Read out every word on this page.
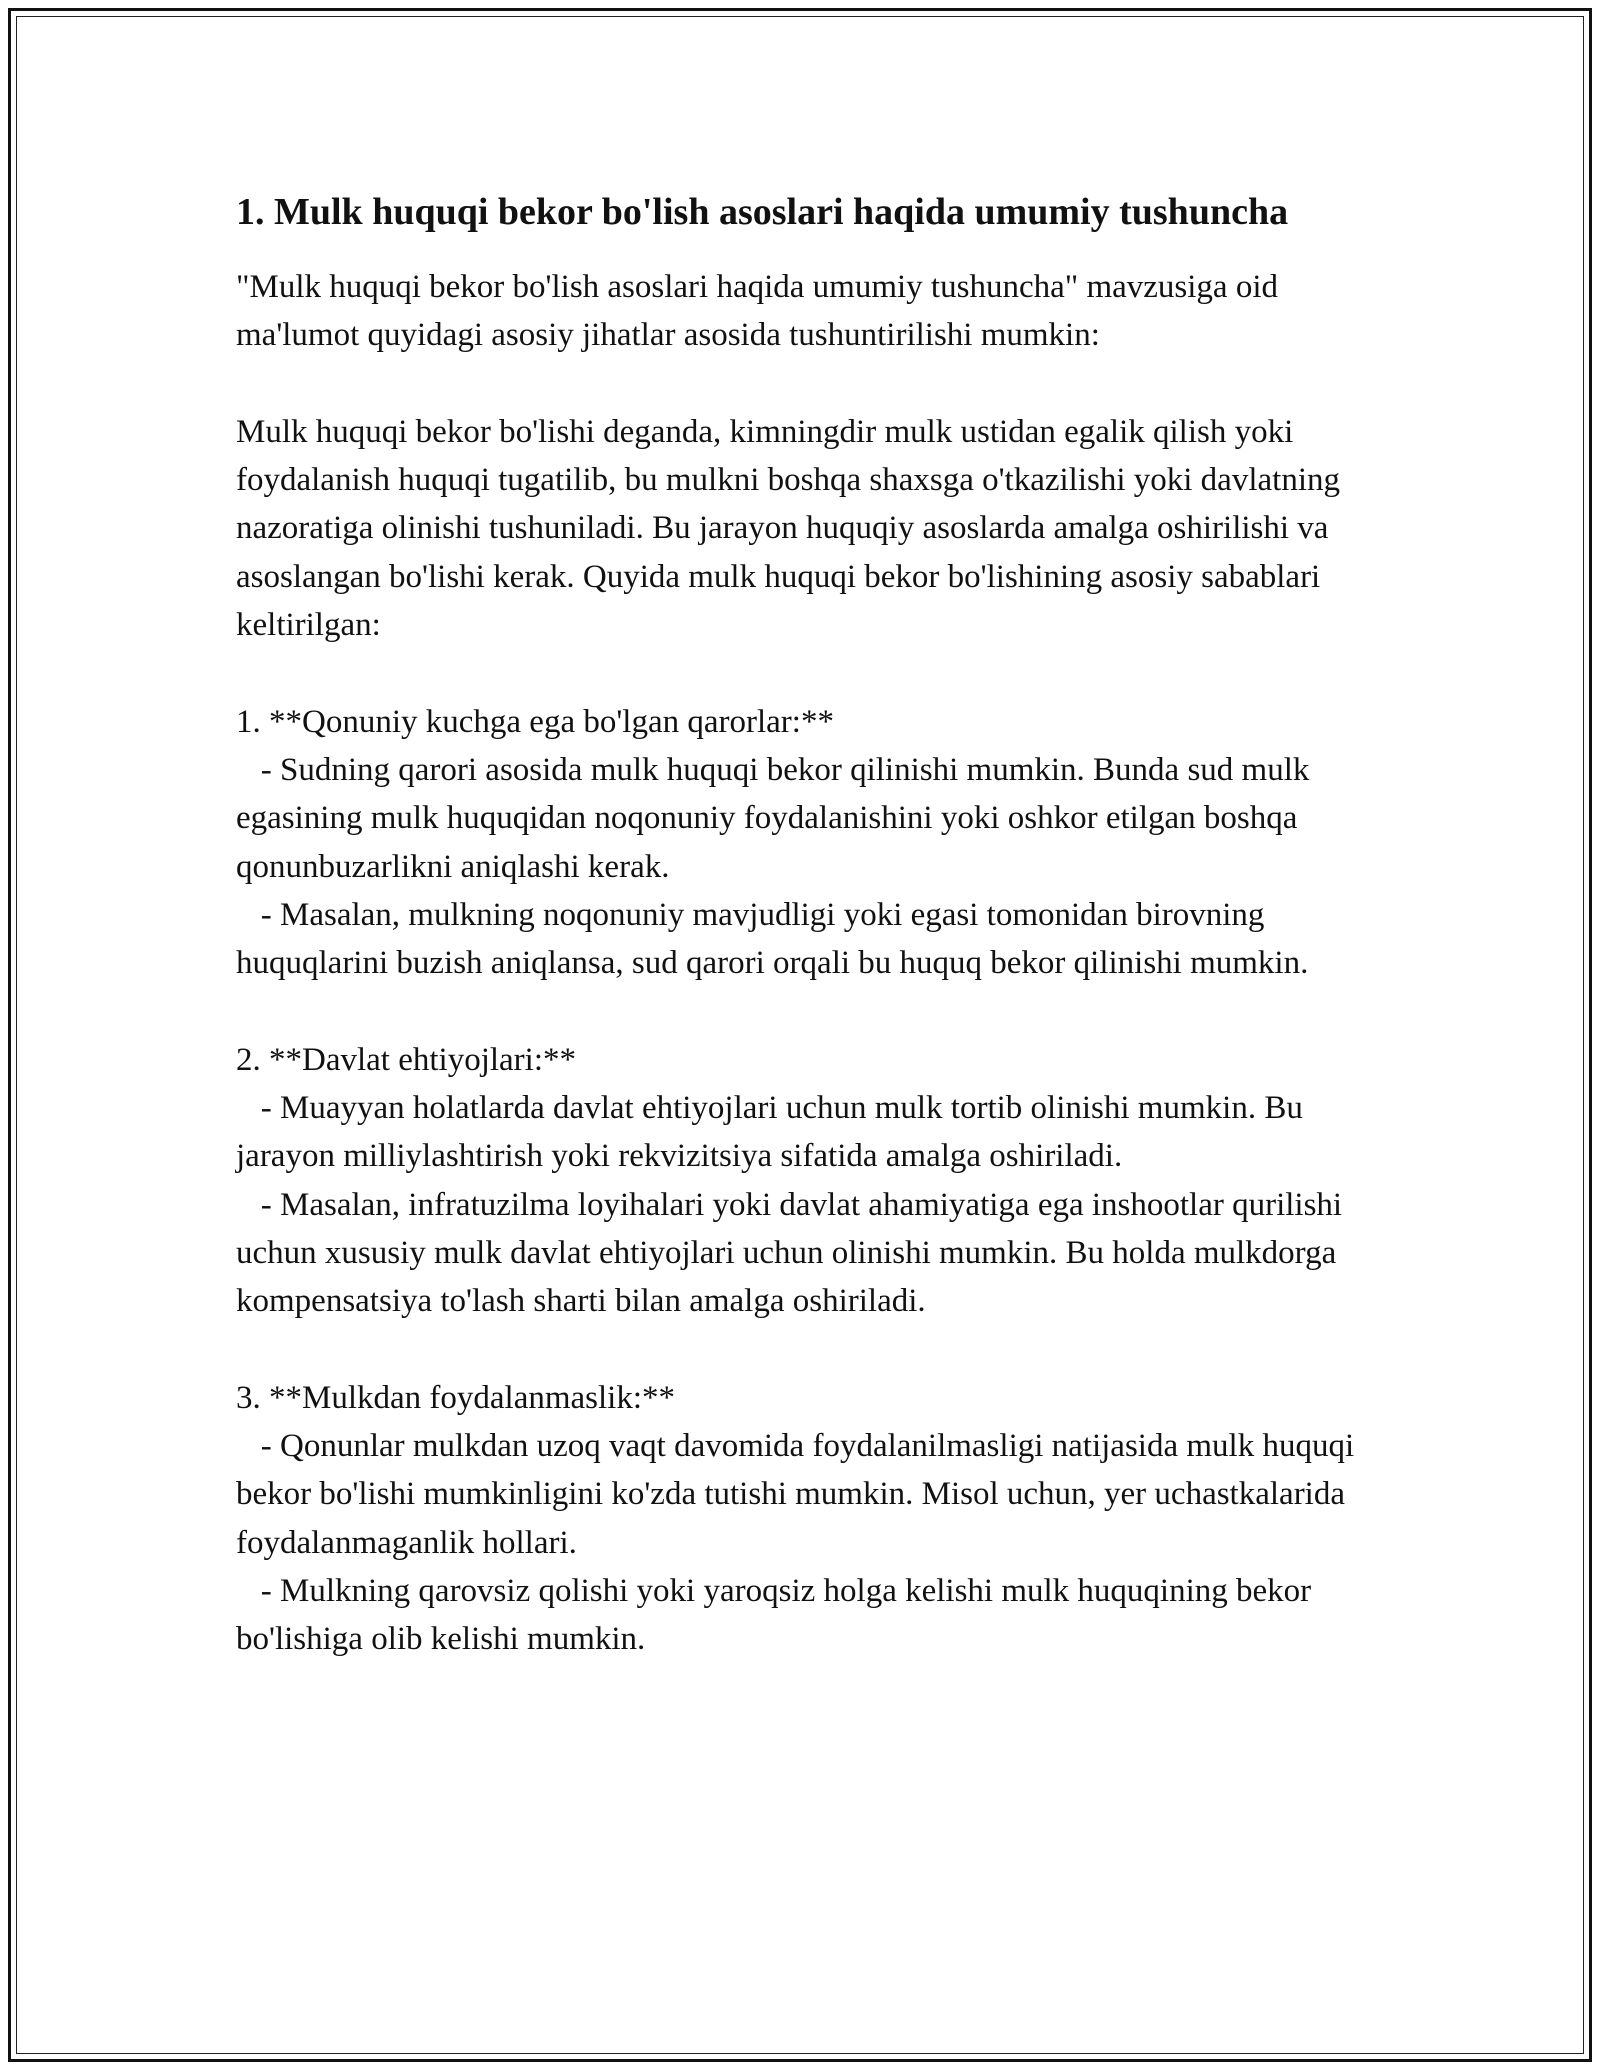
1. Mulk huquqi bekor bo'lish asoslari haqida umumiy tushuncha

"Mulk huquqi bekor bo'lish asoslari haqida umumiy tushuncha" mavzusiga oid ma'lumot quyidagi asosiy jihatlar asosida tushuntirilishi mumkin:

Mulk huquqi bekor bo'lishi deganda, kimningdir mulk ustidan egalik qilish yoki foydalanish huquqi tugatilib, bu mulkni boshqa shaxsga o'tkazilishi yoki davlatning nazoratiga olinishi tushuniladi. Bu jarayon huquqiy asoslarda amalga oshirilishi va asoslangan bo'lishi kerak. Quyida mulk huquqi bekor bo'lishining asosiy sabablari keltirilgan:

1. **Qonuniy kuchga ega bo'lgan qarorlar:**

- Sudning qarori asosida mulk huquqi bekor qilinishi mumkin. Bunda sud mulk egasining mulk huquqidan noqonuniy foydalanishini yoki oshkor etilgan boshqa qonunbuzarlikni aniqlashi kerak.

- Masalan, mulkning noqonuniy mavjudligi yoki egasi tomonidan birovning huquqlarini buzish aniqlansa, sud qarori orqali bu huquq bekor qilinishi mumkin.

2. **Davlat ehtiyojlari:**

- Muayyan holatlarda davlat ehtiyojlari uchun mulk tortib olinishi mumkin. Bu jarayon milliylashtirish yoki rekvizitsiya sifatida amalga oshiriladi.

- Masalan, infratuzilma loyihalari yoki davlat ahamiyatiga ega inshootlar qurilishi uchun xususiy mulk davlat ehtiyojlari uchun olinishi mumkin. Bu holda mulkdorga kompensatsiya to'lash sharti bilan amalga oshiriladi.

3. **Mulkdan foydalanmaslik:**

- Qonunlar mulkdan uzoq vaqt davomida foydalanilmasligi natijasida mulk huquqi bekor bo'lishi mumkinligini ko'zda tutishi mumkin. Misol uchun, yer uchastkalarida foydalanmaganlik hollari.

- Mulkning qarovsiz qolishi yoki yaroqsiz holga kelishi mulk huquqining bekor bo'lishiga olib kelishi mumkin.
